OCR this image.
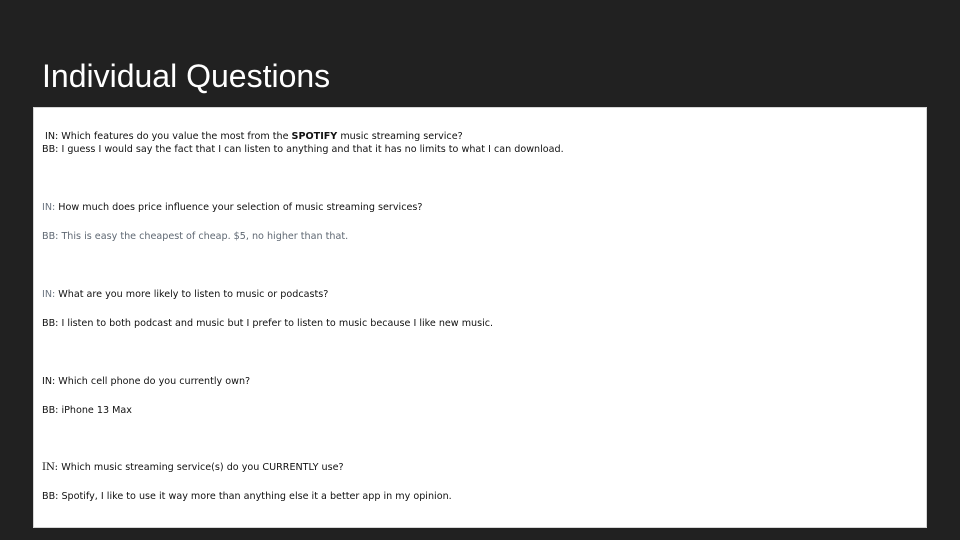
Individual Questions

IN: Which features do you value the most from the SPOTIFY music streaming service?

BB: I guess I would say the fact that I can listen to anything and that it has no limits to what I can download.

IN: How much does price influence your selection of music streaming services?

BB: This is easy the cheapest of cheap. $5, no higher than that.

IN: What are you more likely to listen to music or podcasts?

BB: I listen to both podcast and music but I prefer to listen to music because I like new music.

IN: Which cell phone do you currently own?

BB: iPhone 13 Max

IN: Which music streaming service(s) do you CURRENTLY use?

BB: Spotify, I like to use it way more than anything else it a better app in my opinion.
